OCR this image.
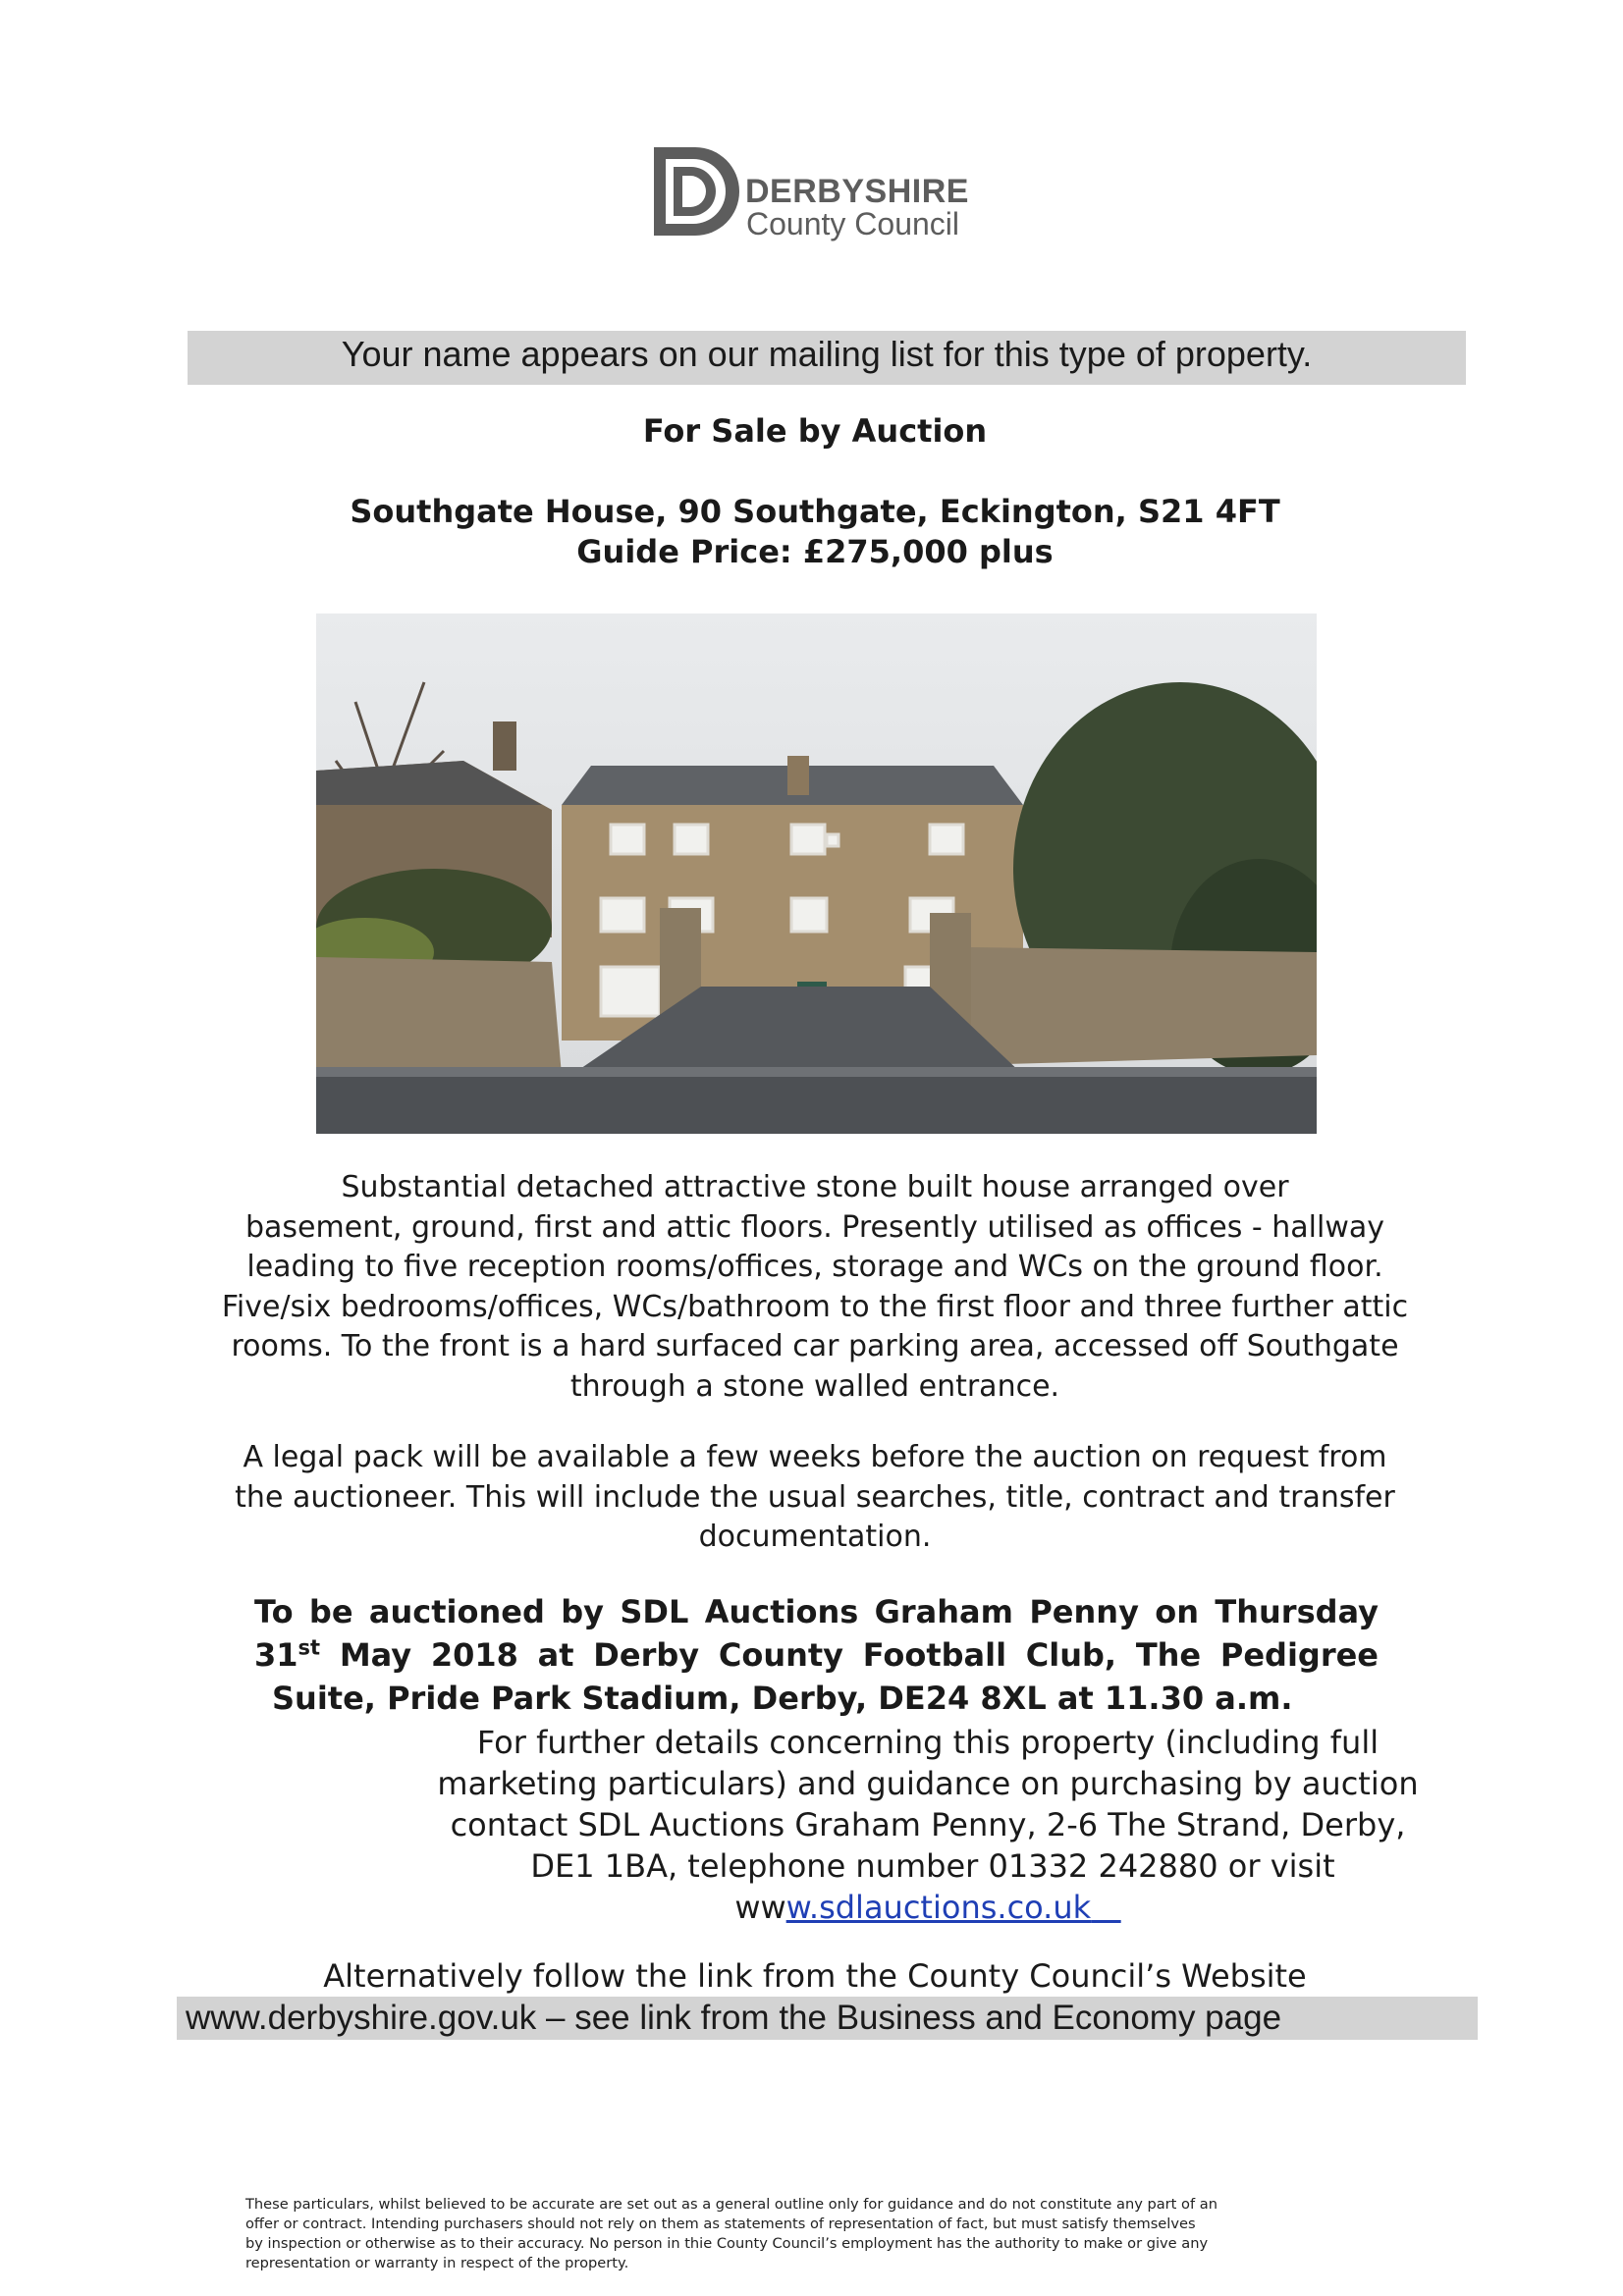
DERBYSHIRE
County Council
Your name appears on our mailing list for this type of property.
For Sale by Auction
Southgate House, 90 Southgate, Eckington, S21 4FT
Guide Price: £275,000 plus
Substantial detached attractive stone built house arranged over
basement, ground, first and attic floors. Presently utilised as offices - hallway
leading to five reception rooms/offices, storage and WCs on the ground floor.
Five/six bedrooms/offices, WCs/bathroom to the first floor and three further attic
rooms. To the front is a hard surfaced car parking area, accessed off Southgate
through a stone walled entrance.
A legal pack will be available a few weeks before the auction on request from
the auctioneer. This will include the usual searches, title, contract and transfer
documentation.
To be auctioned by SDL Auctions Graham Penny on Thursday
31st May 2018 at Derby County Football Club, The Pedigree
Suite, Pride Park Stadium, Derby, DE24 8XL at 11.30 a.m.
For further details concerning this property (including full
marketing particulars) and guidance on purchasing by auction
contact SDL Auctions Graham Penny, 2-6 The Strand, Derby,
DE1 1BA, telephone number 01332 242880 or visit
www.sdlauctions.co.uk
Alternatively follow the link from the County Council’s Website
www.derbyshire.gov.uk – see link from the Business and Economy page
These particulars, whilst believed to be accurate are set out as a general outline only for guidance and do not constitute any part of an
offer or contract. Intending purchasers should not rely on them as statements of representation of fact, but must satisfy themselves
by inspection or otherwise as to their accuracy. No person in thie County Council’s employment has the authority to make or give any
representation or warranty in respect of the property.
